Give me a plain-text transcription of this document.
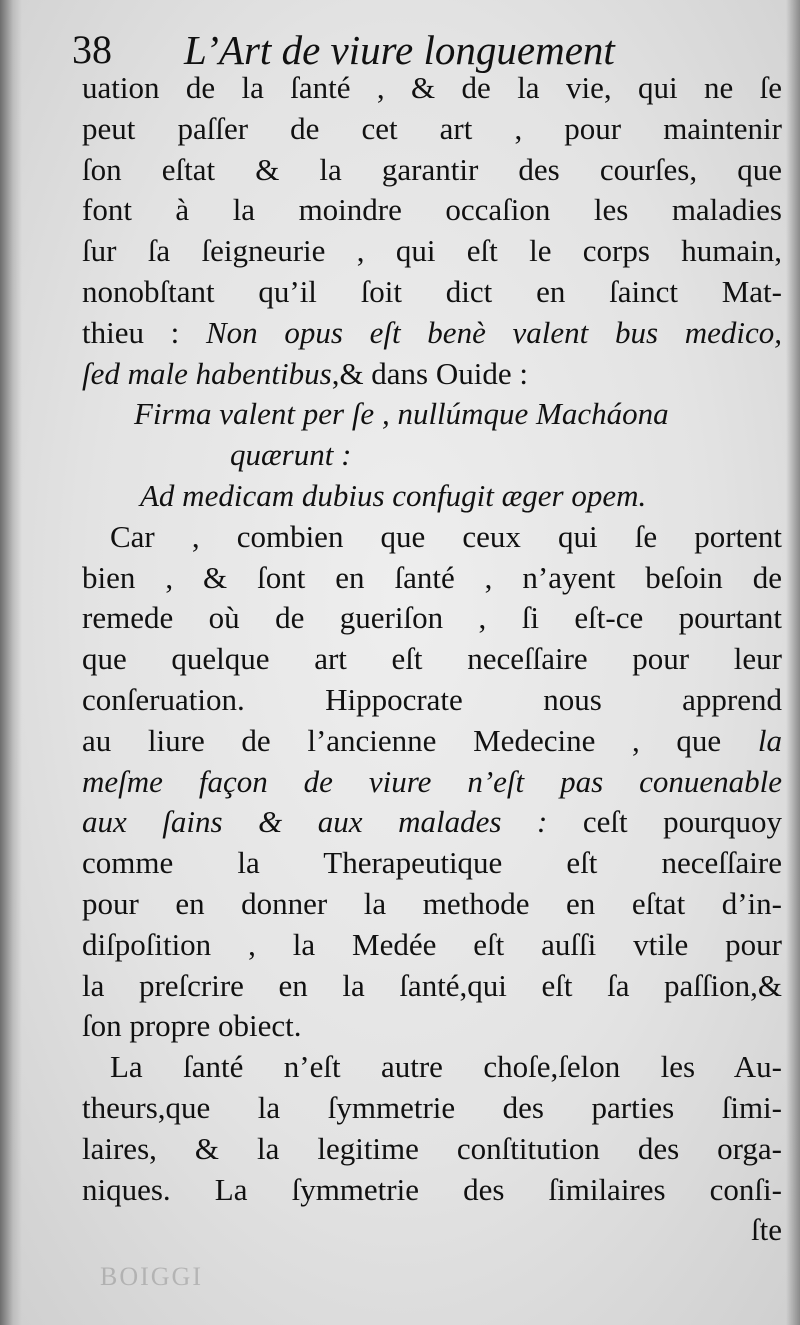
BOIGGI
38 L’Art de viure longuement
uation de la ſanté , & de la vie, qui ne ſe
peut paſſer de cet art , pour maintenir
ſon eſtat & la garantir des courſes, que
font à la moindre occaſion les maladies
ſur ſa ſeigneurie , qui eſt le corps humain,
nonobſtant qu’il ſoit dict en ſainct Mat-
thieu : Non opus eſt benè valent bus medico,
ſed male habentibus,& dans Ouide :
Firma valent per ſe , nullúmque Macháona
quærunt :
Ad medicam dubius confugit æger opem.
Car , combien que ceux qui ſe portent
bien , & ſont en ſanté , n’ayent beſoin de
remede où de gueriſon , ſi eſt-ce pourtant
que quelque art eſt neceſſaire pour leur
conſeruation. Hippocrate nous apprend
au liure de l’ancienne Medecine , que la
meſme façon de viure n’eſt pas conuenable
aux ſains & aux malades : ceſt pourquoy
comme la Therapeutique eſt neceſſaire
pour en donner la methode en eſtat d’in-
diſpoſition , la Medée eſt auſſi vtile pour
la preſcrire en la ſanté,qui eſt ſa paſſion,&
ſon propre obiect.
La ſanté n’eſt autre choſe,ſelon les Au-
theurs,que la ſymmetrie des parties ſimi-
laires, & la legitime conſtitution des orga-
niques. La ſymmetrie des ſimilaires conſi-
ſte
